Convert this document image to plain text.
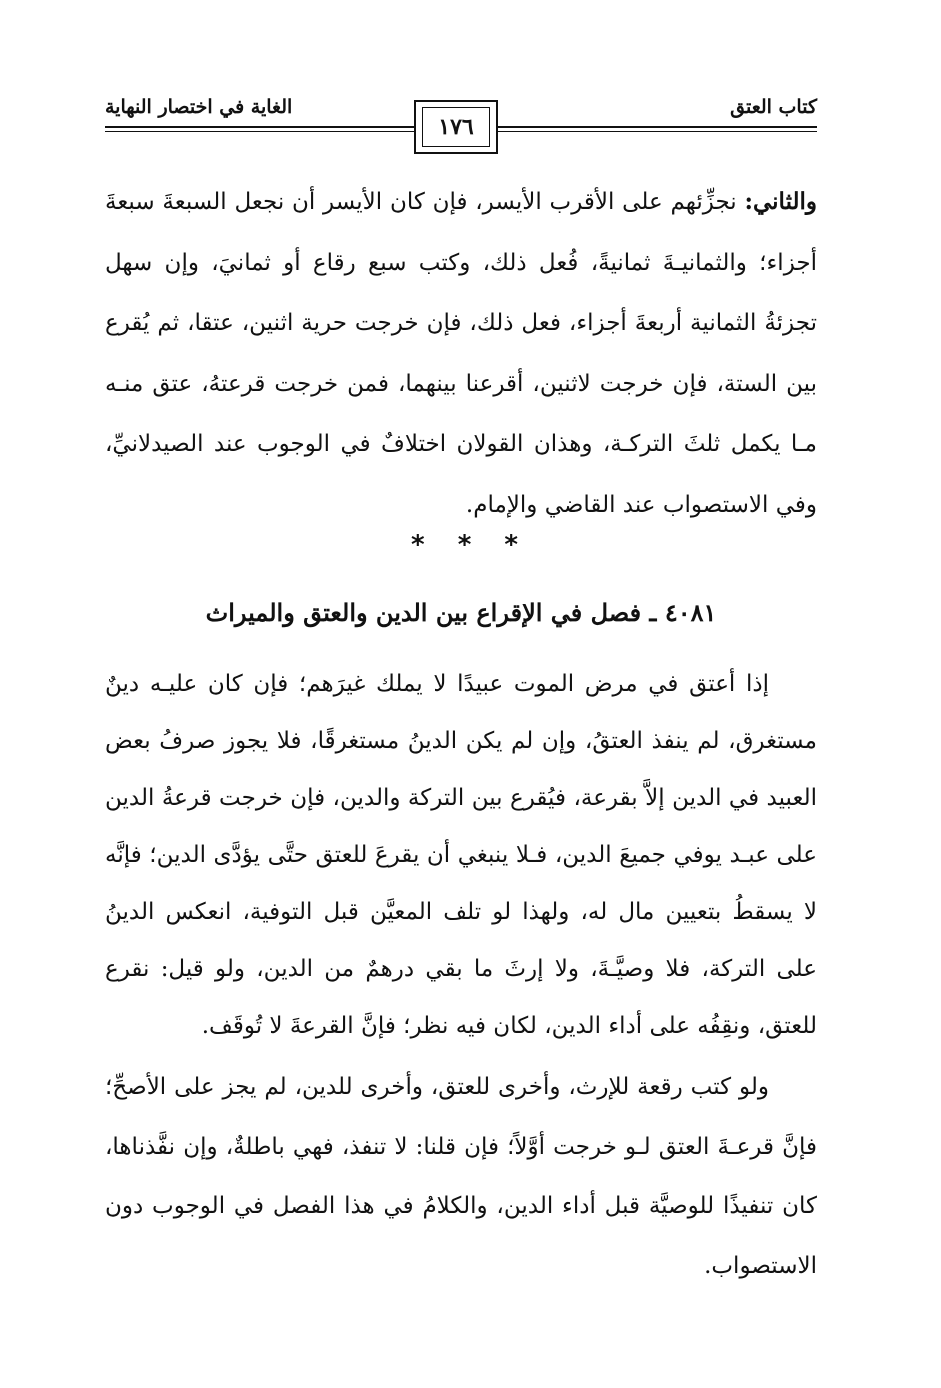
كتاب العتق
الغاية في اختصار النهاية
١٧٦

والثاني: نجزِّئهم على الأقرب الأيسر، فإن كان الأيسر أن نجعل السبعةَ سبعةَ أجزاء؛ والثمانيـةَ ثمانيةً، فُعل ذلك، وكتب سبع رقاع أو ثمانيَ، وإن سهل تجزئةُ الثمانية أربعةَ أجزاء، فعل ذلك، فإن خرجت حرية اثنين، عتقا، ثم يُقرع بين الستة، فإن خرجت لاثنين، أقرعنا بينهما، فمن خرجت قرعتهُ، عتق منـه مـا يكمل ثلثَ التركـة، وهذان القولان اختلافٌ في الوجوب عند الصيدلانيِّ، وفي الاستصواب عند القاضي والإمام.

* * *
٤٠٨١ ـ فصل في الإقراع بين الدين والعتق والميراث

إذا أعتق في مرض الموت عبيدًا لا يملك غيرَهم؛ فإن كان عليـه دينٌ مستغرق، لم ينفذ العتقُ، وإن لم يكن الدينُ مستغرقًا، فلا يجوز صرفُ بعض العبيد في الدين إلاَّ بقرعة، فيُقرع بين التركة والدين، فإن خرجت قرعةُ الدين على عبـد يوفي جميعَ الدين، فـلا ينبغي أن يقرعَ للعتق حتَّى يؤدَّى الدين؛ فإنَّه لا يسقطُ بتعيين مال له، ولهذا لو تلف المعيَّن قبل التوفية، انعكس الدينُ على التركة، فلا وصيَّـةَ، ولا إرثَ ما بقي درهمٌ من الدين، ولو قيل: نقرع للعتق، ونقِفُه على أداء الدين، لكان فيه نظر؛ فإنَّ القرعةَ لا تُوقَف.

ولو كتب رقعة للإرث، وأخرى للعتق، وأخرى للدين، لم يجز على الأصحِّ؛ فإنَّ قرعـةَ العتق لـو خرجت أوَّلاً؛ فإن قلنا: لا تنفذ، فهي باطلةٌ، وإن نفَّذناها، كان تنفيذًا للوصيَّة قبل أداء الدين، والكلامُ في هذا الفصل في الوجوب دون الاستصواب.
